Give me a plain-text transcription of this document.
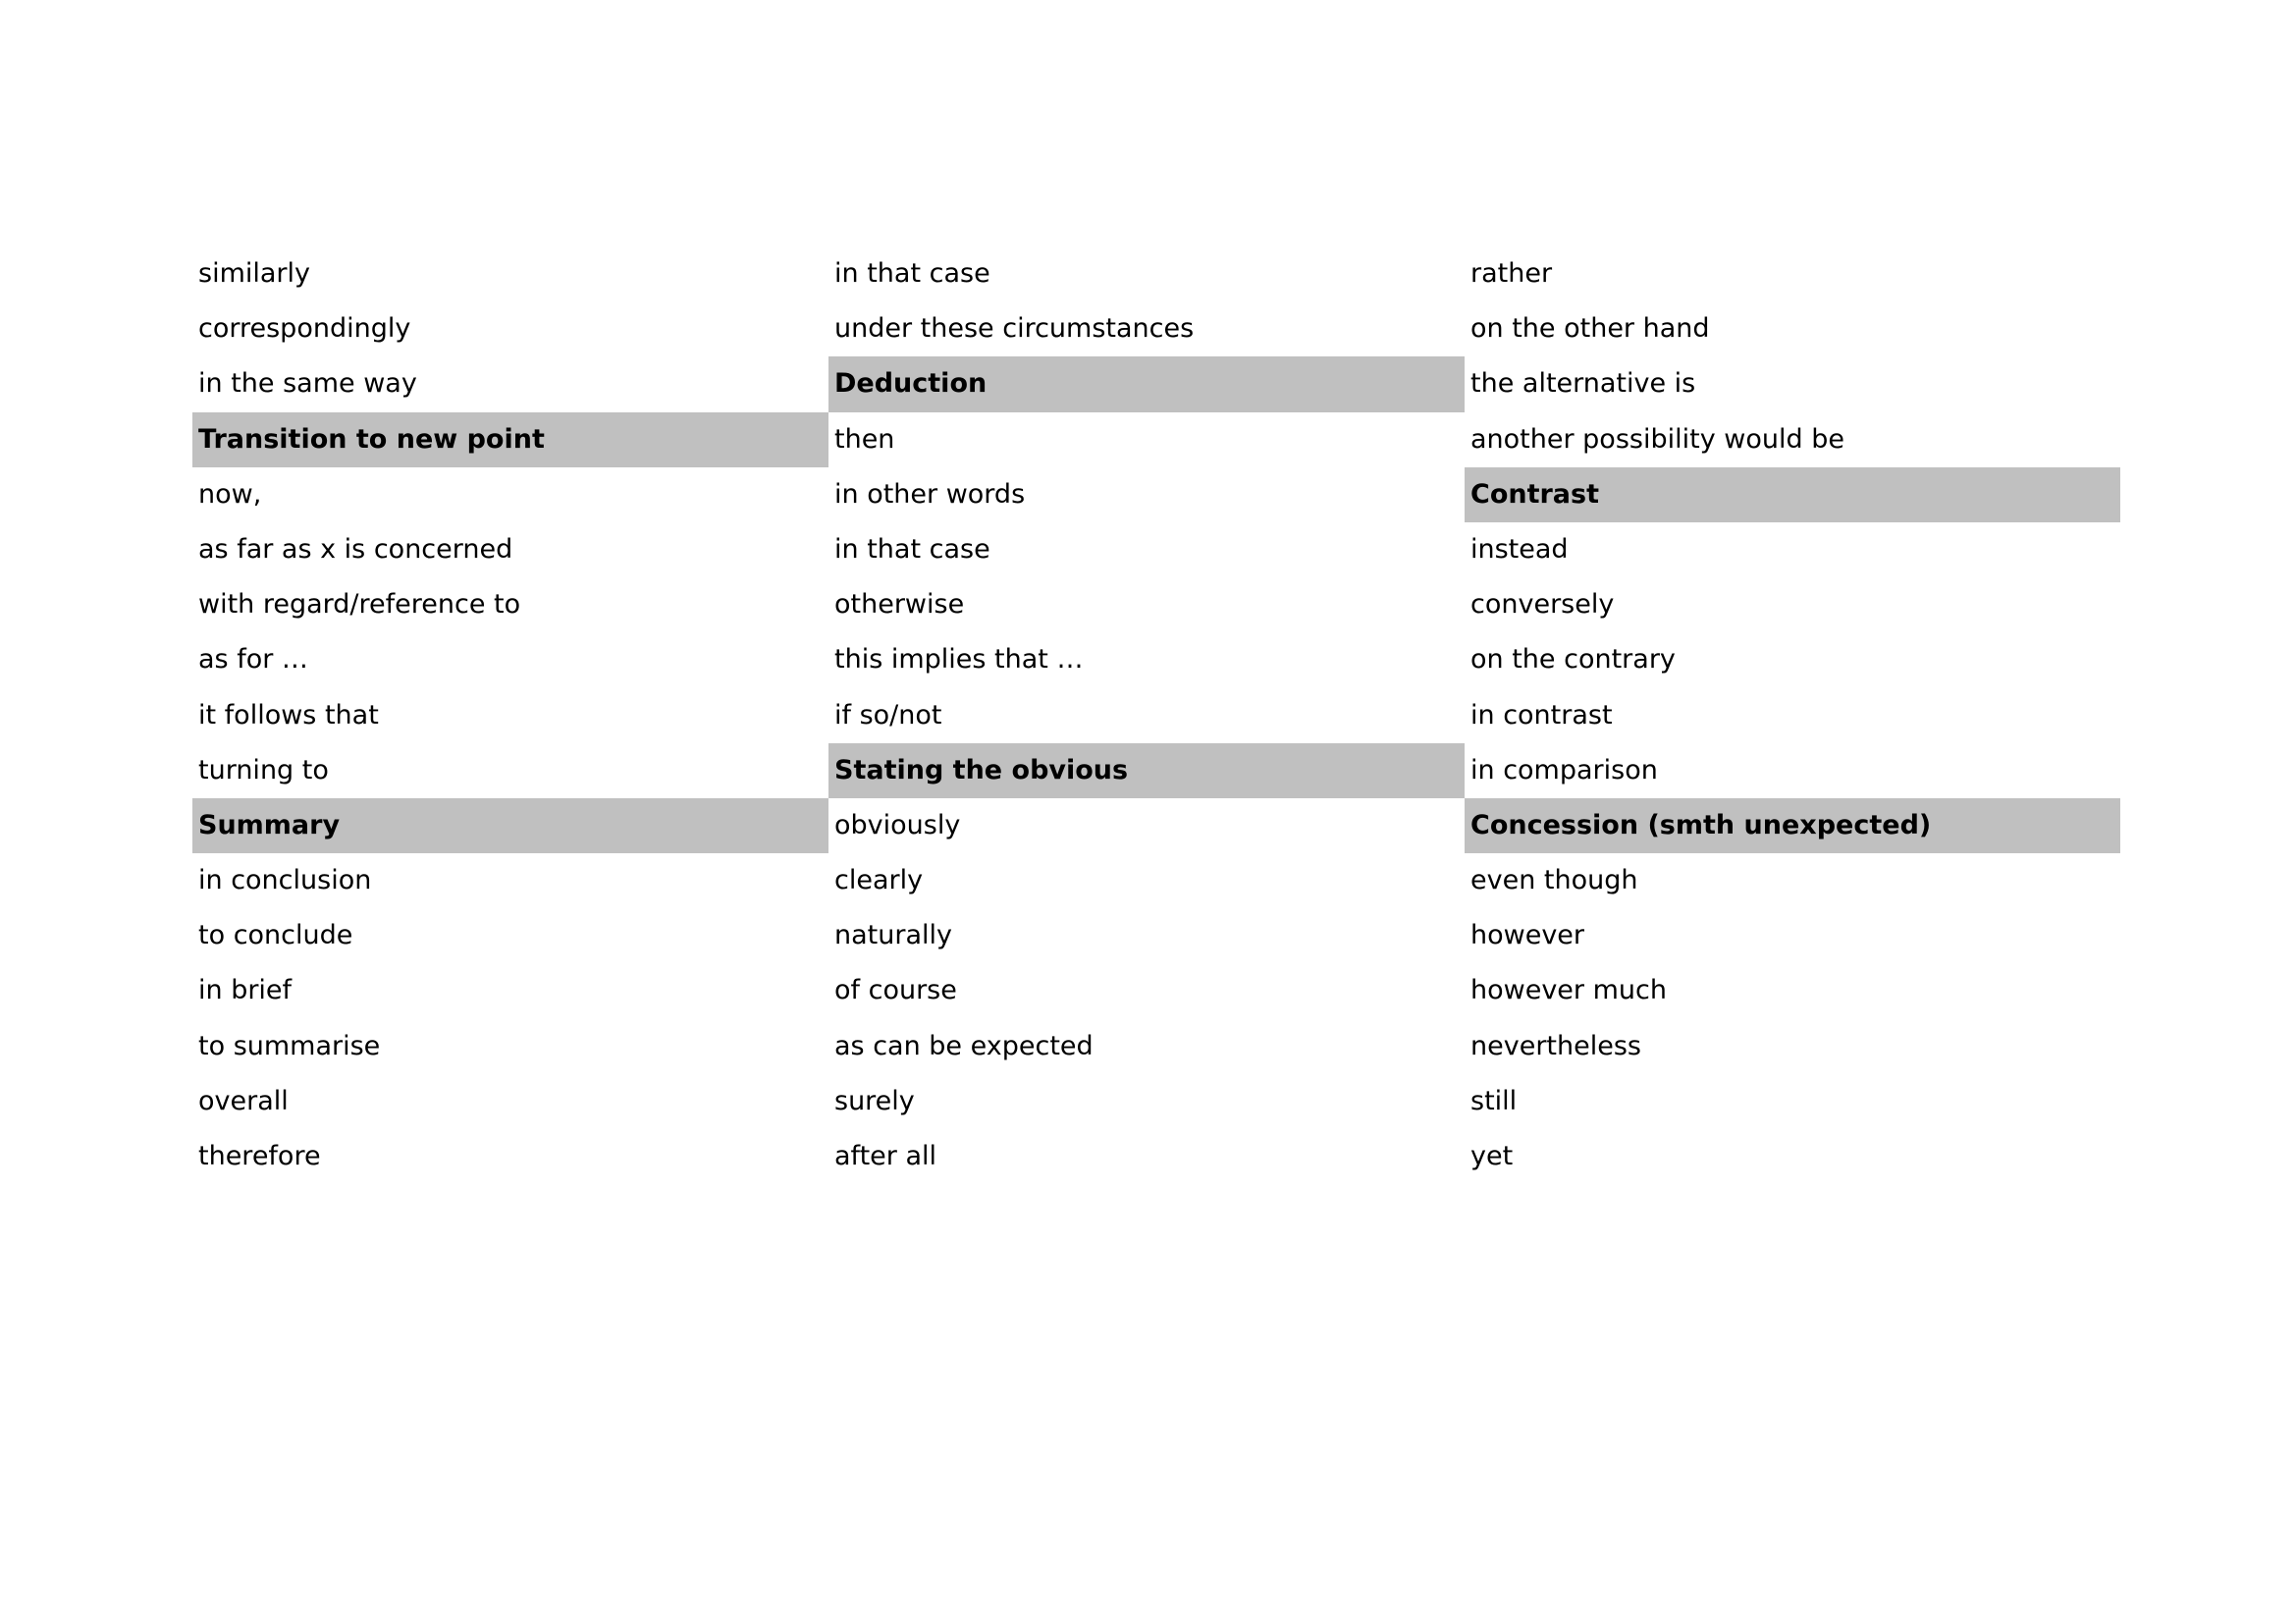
similarly
correspondingly
in the same way
Transition to new point
now,
as far as x is concerned
with regard/reference to
as for …
it follows that
turning to
Summary
in conclusion
to conclude
in brief
to summarise
overall
therefore
in that case
under these circumstances
Deduction
then
in other words
in that case
otherwise
this implies that …
if so/not
Stating the obvious
obviously
clearly
naturally
of course
as can be expected
surely
after all
rather
on the other hand
the alternative is
another possibility would be
Contrast
instead
conversely
on the contrary
in contrast
in comparison
Concession (smth unexpected)
even though
however
however much
nevertheless
still
yet
